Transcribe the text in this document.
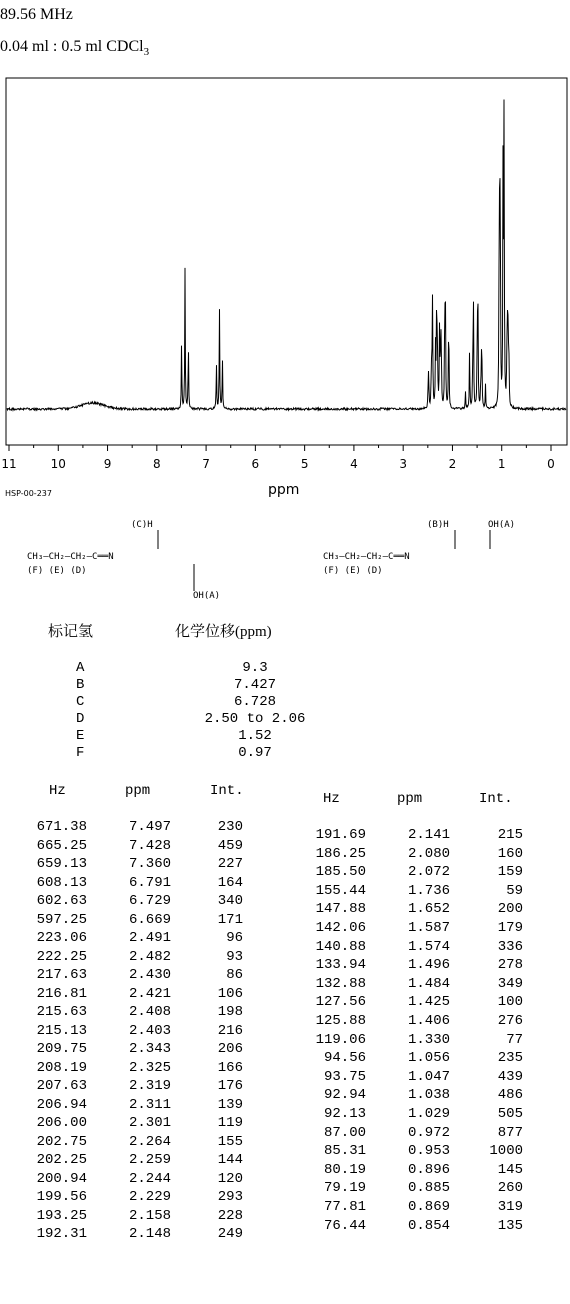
89.56 MHz
0.04 ml : 0.5 ml CDCl$_3$
11	10	9	8	7	6	5	4	3	2	1	0
HSP-00-237	ppm
(C)H
CH₃—CH₂—CH₂—C══N
(F) (E) (D)
OH(A)
(B)H	OH(A)
CH₃—CH₂—CH₂—C══N
(F) (E) (D)
标记氢	化学位移(ppm)
A	9.3
B	7.427
C	6.728
D	2.50 to 2.06
E	1.52
F	0.97
Hz	ppm	Int.	Hz	ppm	Int.
671.38	7.497	230
665.25	7.428	459
659.13	7.360	227
608.13	6.791	164
602.63	6.729	340
597.25	6.669	171
223.06	2.491	96
222.25	2.482	93
217.63	2.430	86
216.81	2.421	106
215.63	2.408	198
215.13	2.403	216
209.75	2.343	206
208.19	2.325	166
207.63	2.319	176
206.94	2.311	139
206.00	2.301	119
202.75	2.264	155
202.25	2.259	144
200.94	2.244	120
199.56	2.229	293
193.25	2.158	228
192.31	2.148	249
191.69	2.141	215
186.25	2.080	160
185.50	2.072	159
155.44	1.736	59
147.88	1.652	200
142.06	1.587	179
140.88	1.574	336
133.94	1.496	278
132.88	1.484	349
127.56	1.425	100
125.88	1.406	276
119.06	1.330	77
94.56	1.056	235
93.75	1.047	439
92.94	1.038	486
92.13	1.029	505
87.00	0.972	877
85.31	0.953	1000
80.19	0.896	145
79.19	0.885	260
77.81	0.869	319
76.44	0.854	135
